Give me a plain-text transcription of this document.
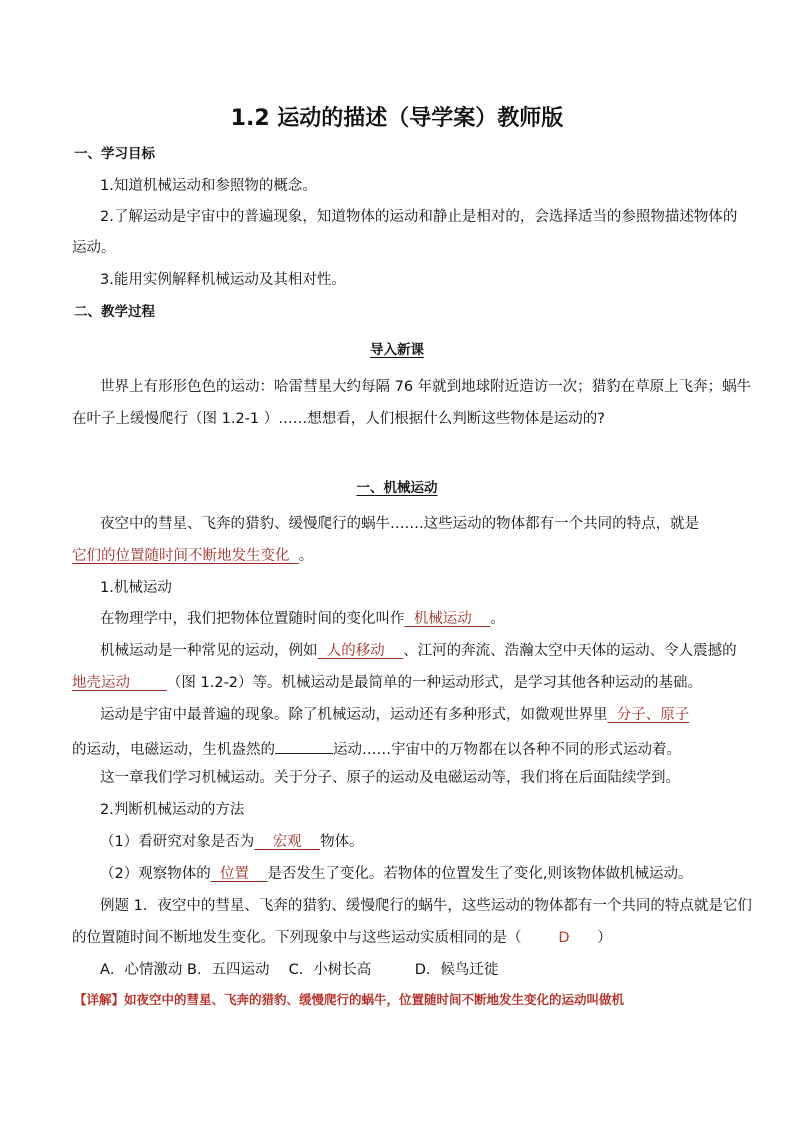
1.2 运动的描述（导学案）教师版
一、学习目标
1.知道机械运动和参照物的概念。
2.了解运动是宇宙中的普遍现象，知道物体的运动和静止是相对的，会选择适当的参照物描述物体的
运动。
3.能用实例解释机械运动及其相对性。
二、教学过程
导入新课
世界上有形形色色的运动：哈雷彗星大约每隔 76 年就到地球附近造访一次；猎豹在草原上飞奔；蜗牛
在叶子上缓慢爬行（图 1.2-1 ）……想想看，人们根据什么判断这些物体是运动的?
一、机械运动
夜空中的彗星、飞奔的猎豹、缓慢爬行的蜗牛…….这些运动的物体都有一个共同的特点，就是
它们的位置随时间不断地发生变化  。
1.机械运动
在物理学中，我们把物体位置随时间的变化叫作  机械运动   。
机械运动是一种常见的运动，例如  人的移动   、江河的奔流、浩瀚太空中天体的运动、令人震撼的
地壳运动    	（图 1.2-2）等。机械运动是最简单的一种运动形式，是学习其他各种运动的基础。
运动是宇宙中最普遍的现象。除了机械运动，运动还有多种形式，如微观世界里  分子、原子
的运动，电磁运动，生机盎然的	运动……宇宙中的万物都在以各种不同的形式运动着。
这一章我们学习机械运动。关于分子、原子的运动及电磁运动等，我们将在后面陆续学到。
2.判断机械运动的方法
（1）看研究对象是否为   宏观   物体。
（2）观察物体的  位置   是否发生了变化。若物体的位置发生了变化,则该物体做机械运动。
例题 1．夜空中的彗星、飞奔的猎豹、缓慢爬行的蜗牛，这些运动的物体都有一个共同的特点就是它们
的位置随时间不断地发生变化。下列现象中与这些运动实质相同的是（    	D    ）
A．心情激动 B．五四运动　 C．小树长高　　　D．候鸟迁徙
【详解】如夜空中的彗星、飞奔的猎豹、缓慢爬行的蜗牛，位置随时间不断地发生变化的运动叫做机
